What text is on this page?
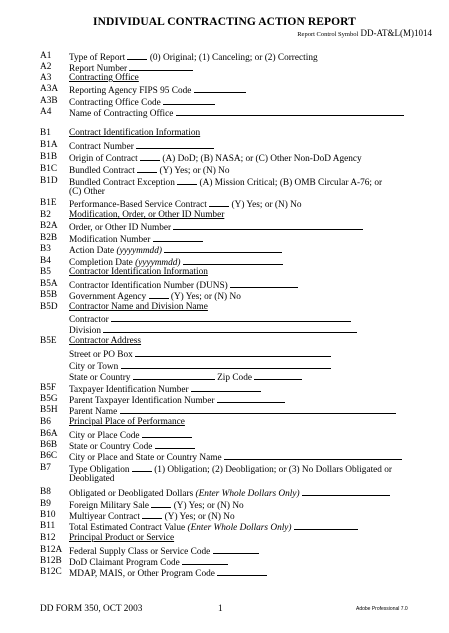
INDIVIDUAL CONTRACTING ACTION REPORT
Report Control Symbol DD-AT&L(M)1014
A1	Type of Report	(0) Original; (1) Canceling; or (2) Correcting
A2	Report Number
A3	Contracting Office
A3A	Reporting Agency FIPS 95 Code
A3B	Contracting Office Code
A4	Name of Contracting Office
B1	Contract Identification Information
B1A	Contract Number
B1B	Origin of Contract	(A) DoD; (B) NASA; or (C) Other Non-DoD Agency
B1C	Bundled Contract	(Y) Yes; or (N) No
B1D	Bundled Contract Exception	(A) Mission Critical; (B) OMB Circular A-76; or
(C) Other
B1E	Performance-Based Service Contract	(Y) Yes; or (N) No
B2	Modification, Order, or Other ID Number
B2A	Order, or Other ID Number
B2B	Modification Number
B3	Action Date (yyyymmdd)
B4	Completion Date (yyyymmdd)
B5	Contractor Identification Information
B5A	Contractor Identification Number (DUNS)
B5B	Government Agency	(Y) Yes; or (N) No
B5D	Contractor Name and Division Name
Contractor
Division
B5E	Contractor Address
Street or PO Box
City or Town
State or Country	Zip Code
B5F	Taxpayer Identification Number
B5G	Parent Taxpayer Identification Number
B5H	Parent Name
B6	Principal Place of Performance
B6A	City or Place Code
B6B	State or Country Code
B6C	City or Place and State or Country Name
B7	Type Obligation	(1) Obligation; (2) Deobligation; or (3) No Dollars Obligated or
Deobligated
B8	Obligated or Deobligated Dollars (Enter Whole Dollars Only)
B9	Foreign Military Sale	(Y) Yes; or (N) No
B10	Multiyear Contract	(Y) Yes; or (N) No
B11	Total Estimated Contract Value (Enter Whole Dollars Only)
B12	Principal Product or Service
B12A Federal Supply Class or Service Code
B12B DoD Claimant Program Code
B12C MDAP, MAIS, or Other Program Code
DD FORM 350, OCT 2003	1	Adobe Professional 7.0
